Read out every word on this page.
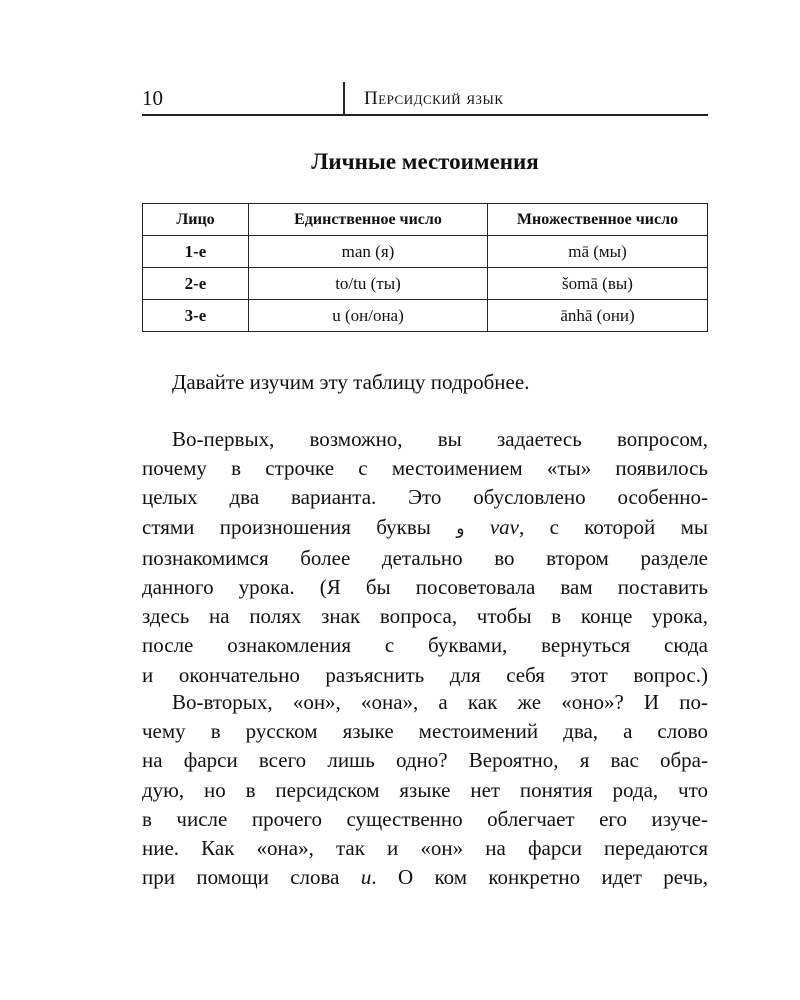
10	Персидский язык
Личные местоимения
Лицо	Единственное число	Множественное число
1-е	man (я)	mā (мы)
2-е	to/tu (ты)	šomā (вы)
3-е	u (он/она)	ānhā (они)
Давайте изучим эту таблицу подробнее.
Во-первых, возможно, вы задаетесь вопросом,
почему в строчке с местоимением «ты» появилось
целых два варианта. Это обусловлено особенно-
стями произношения буквы و vav, с которой мы
познакомимся более детально во втором разделе
данного урока. (Я бы посоветовала вам поставить
здесь на полях знак вопроса, чтобы в конце урока,
после ознакомления с буквами, вернуться сюда
и окончательно разъяснить для себя этот вопрос.)
Во-вторых, «он», «она», а как же «оно»? И по-
чему в русском языке местоимений два, а слово
на фарси всего лишь одно? Вероятно, я вас обра-
дую, но в персидском языке нет понятия рода, что
в числе прочего существенно облегчает его изуче-
ние. Как «она», так и «он» на фарси передаются
при помощи слова u. О ком конкретно идет речь,
